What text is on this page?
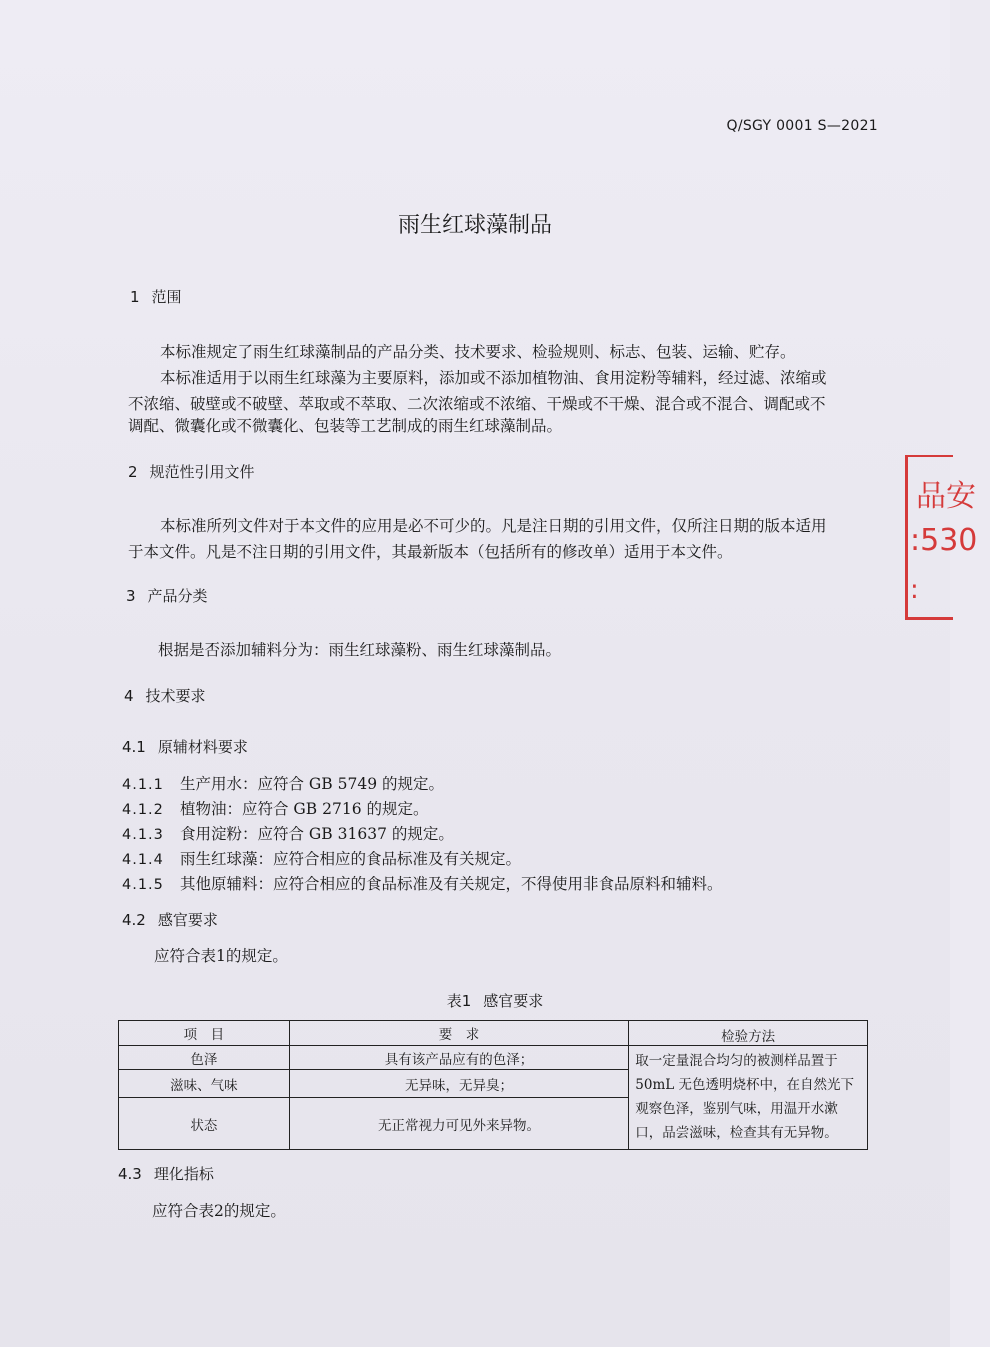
Q/SGY 0001 S—2021
雨生红球藻制品
1 范围
本标准规定了雨生红球藻制品的产品分类、技术要求、检验规则、标志、包装、运输、贮存。
本标准适用于以雨生红球藻为主要原料，添加或不添加植物油、食用淀粉等辅料，经过滤、浓缩或
不浓缩、破壁或不破壁、萃取或不萃取、二次浓缩或不浓缩、干燥或不干燥、混合或不混合、调配或不
调配、微囊化或不微囊化、包装等工艺制成的雨生红球藻制品。
2 规范性引用文件
本标准所列文件对于本文件的应用是必不可少的。凡是注日期的引用文件，仅所注日期的版本适用
于本文件。凡是不注日期的引用文件，其最新版本（包括所有的修改单）适用于本文件。
3 产品分类
根据是否添加辅料分为：雨生红球藻粉、雨生红球藻制品。
4 技术要求
4.1 原辅材料要求
4.1.1 生产用水：应符合 GB 5749 的规定。
4.1.2 植物油：应符合 GB 2716 的规定。
4.1.3 食用淀粉：应符合 GB 31637 的规定。
4.1.4 雨生红球藻：应符合相应的食品标准及有关规定。
4.1.5 其他原辅料：应符合相应的食品标准及有关规定，不得使用非食品原料和辅料。
4.2 感官要求
应符合表1的规定。
表1 感官要求
项　目	要　求	检验方法
色泽	具有该产品应有的色泽；	取一定量混合均匀的被测样品置于50mL 无色透明烧杯中，在自然光下观察色泽，鉴别气味，用温开水漱口，品尝滋味，检查其有无异物。
滋味、气味	无异味，无异臭；	
状态	无正常视力可见外来异物。	
4.3 理化指标
应符合表2的规定。
品安
:530
:
